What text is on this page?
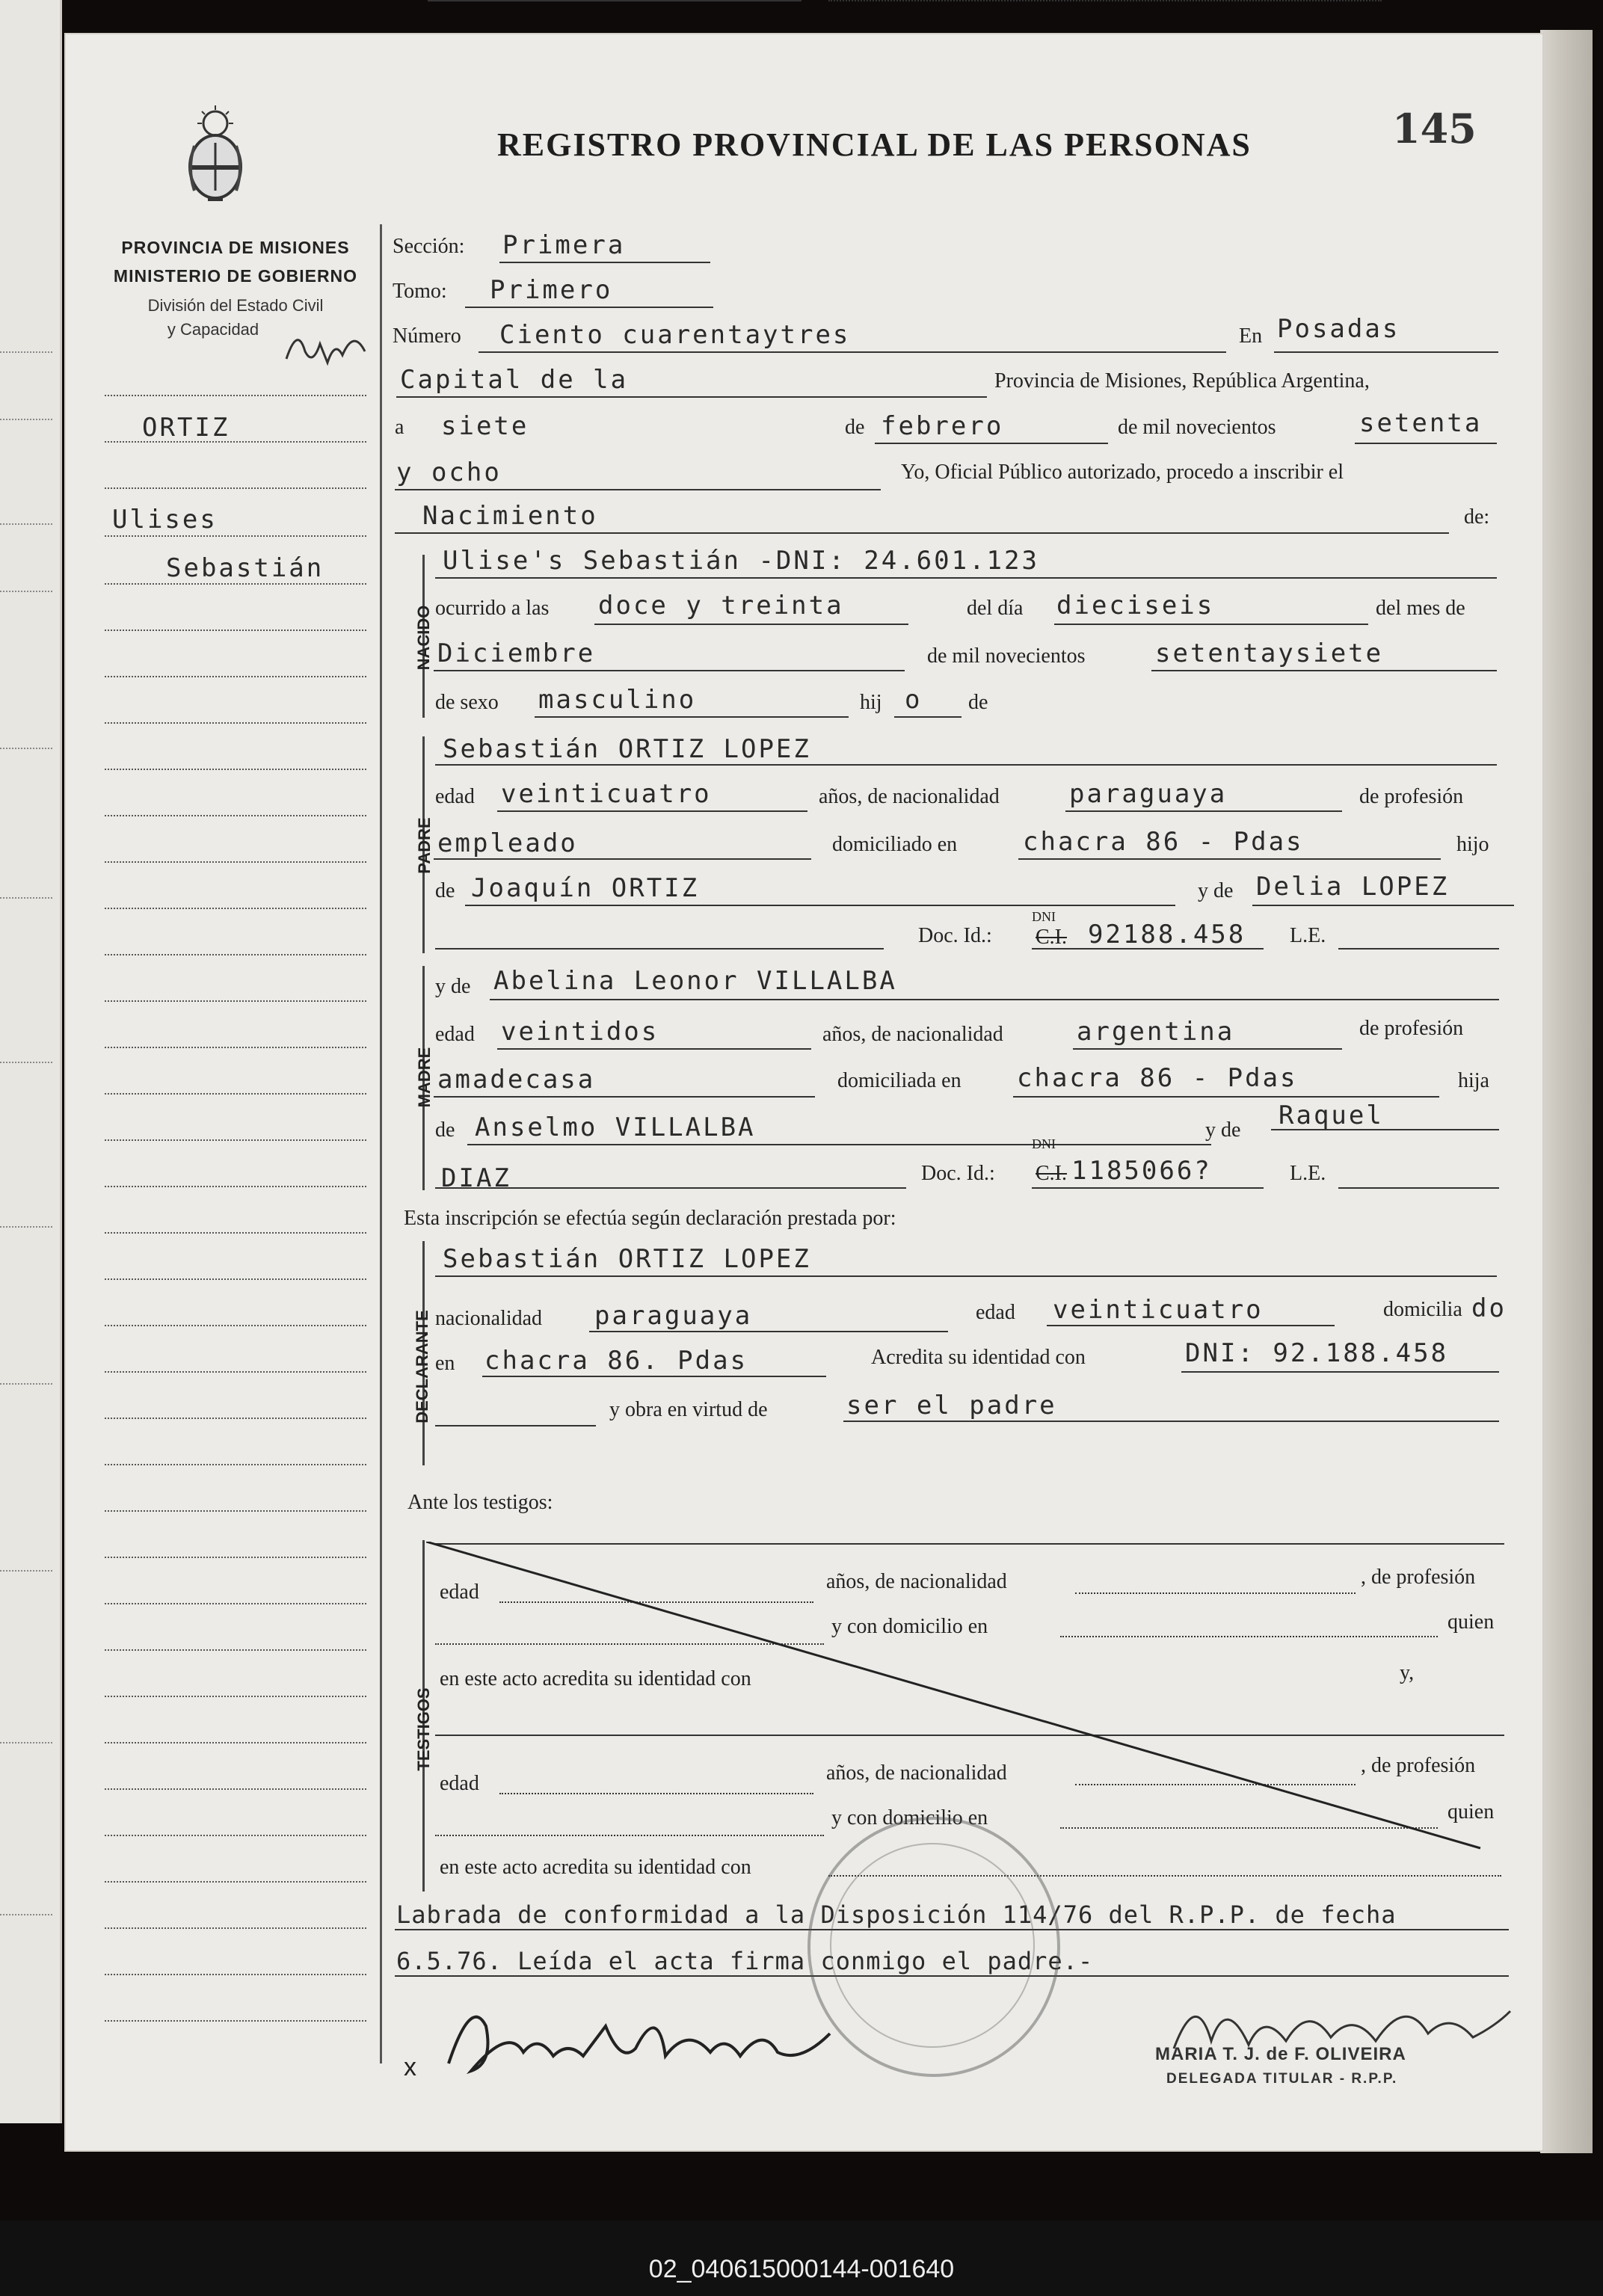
PROVINCIA DE MISIONES
MINISTERIO DE GOBIERNO
División del Estado Civil
y Capacidad
REGISTRO PROVINCIAL DE LAS PERSONAS	145
ORTIZ
Ulises
Sebastián
Sección: Primera
Tomo: Primero
Número Ciento cuarentaytres	En Posadas
Capital de la	Provincia de Misiones, República Argentina,
a siete	de febrero	de mil novecientos	setenta
y ocho	Yo, Oficial Público autorizado, procedo a inscribir el
Nacimiento	de:
NACIDO
Ulise's Sebastián -DNI: 24.601.123
ocurrido a las doce y treinta	del día dieciseis	del mes de
Diciembre	de mil novecientos	setentaysiete
de sexo masculino	hij o de
PADRE
Sebastián ORTIZ LOPEZ
edad veinticuatro	años, de nacionalidad	paraguaya	de profesión
empleado	domiciliado en	chacra 86 - Pdas	hijo
de Joaquín ORTIZ	y de Delia LOPEZ
Doc. Id.:
DNI
C.I. 92188.458 L.E.
MADRE
y de Abelina Leonor VILLALBA
edad veintidos	años, de nacionalidad	argentina	de profesión
amadecasa	domiciliada en chacra 86 - Pdas	hija
de Anselmo VILLALBA	y de Raquel
DIAZ	Doc. Id.:
DNI
C.I. 1185066?	L.E.
Esta inscripción se efectúa según declaración prestada por:
DECLARANTE
Sebastián ORTIZ LOPEZ
nacionalidad paraguaya	edad veinticuatro	domicilia do
en chacra 86. Pdas	Acredita su identidad con	DNI: 92.188.458
y obra en virtud de	ser el padre
Ante los testigos:
TESTIGOS
edad	años, de nacionalidad	, de profesión
y con domicilio en	quien
en este acto acredita su identidad con	y,
edad	años, de nacionalidad	, de profesión
y con domicilio en	quien
en este acto acredita su identidad con
Labrada de conformidad a la Disposición 114/76 del R.P.P. de fecha
6.5.76. Leída el acta firma conmigo el padre.-
x	MARIA T. J. de F. OLIVEIRA
DELEGADA TITULAR - R.P.P.
02_040615000144-001640
